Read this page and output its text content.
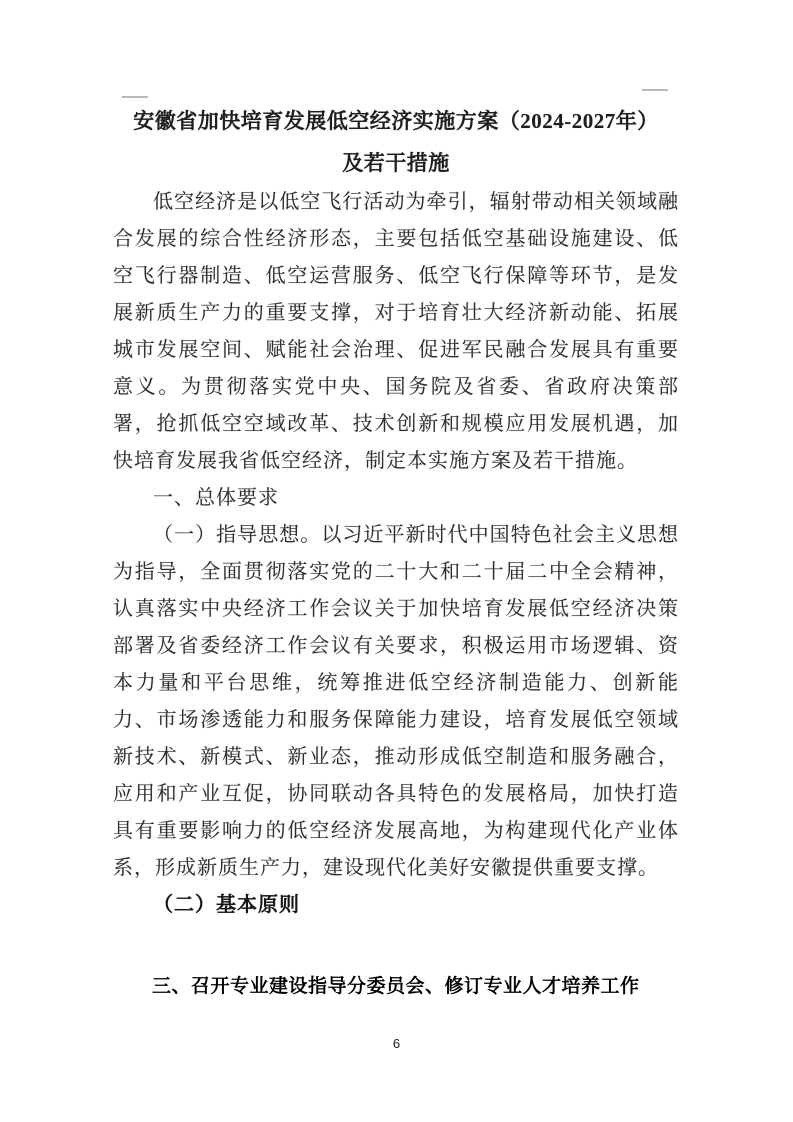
安徽省加快培育发展低空经济实施方案（2024-2027年）
及若干措施

低空经济是以低空飞行活动为牵引，辐射带动相关领域融合发展的综合性经济形态，主要包括低空基础设施建设、低空飞行器制造、低空运营服务、低空飞行保障等环节，是发展新质生产力的重要支撑，对于培育壮大经济新动能、拓展城市发展空间、赋能社会治理、促进军民融合发展具有重要意义。为贯彻落实党中央、国务院及省委、省政府决策部署，抢抓低空空域改革、技术创新和规模应用发展机遇，加快培育发展我省低空经济，制定本实施方案及若干措施。

一、总体要求

（一）指导思想。以习近平新时代中国特色社会主义思想为指导，全面贯彻落实党的二十大和二十届二中全会精神，认真落实中央经济工作会议关于加快培育发展低空经济决策部署及省委经济工作会议有关要求，积极运用市场逻辑、资本力量和平台思维，统筹推进低空经济制造能力、创新能力、市场渗透能力和服务保障能力建设，培育发展低空领域新技术、新模式、新业态，推动形成低空制造和服务融合，应用和产业互促，协同联动各具特色的发展格局，加快打造具有重要影响力的低空经济发展高地，为构建现代化产业体系，形成新质生产力，建设现代化美好安徽提供重要支撑。

（二）基本原则

三、召开专业建设指导分委员会、修订专业人才培养工作
6
